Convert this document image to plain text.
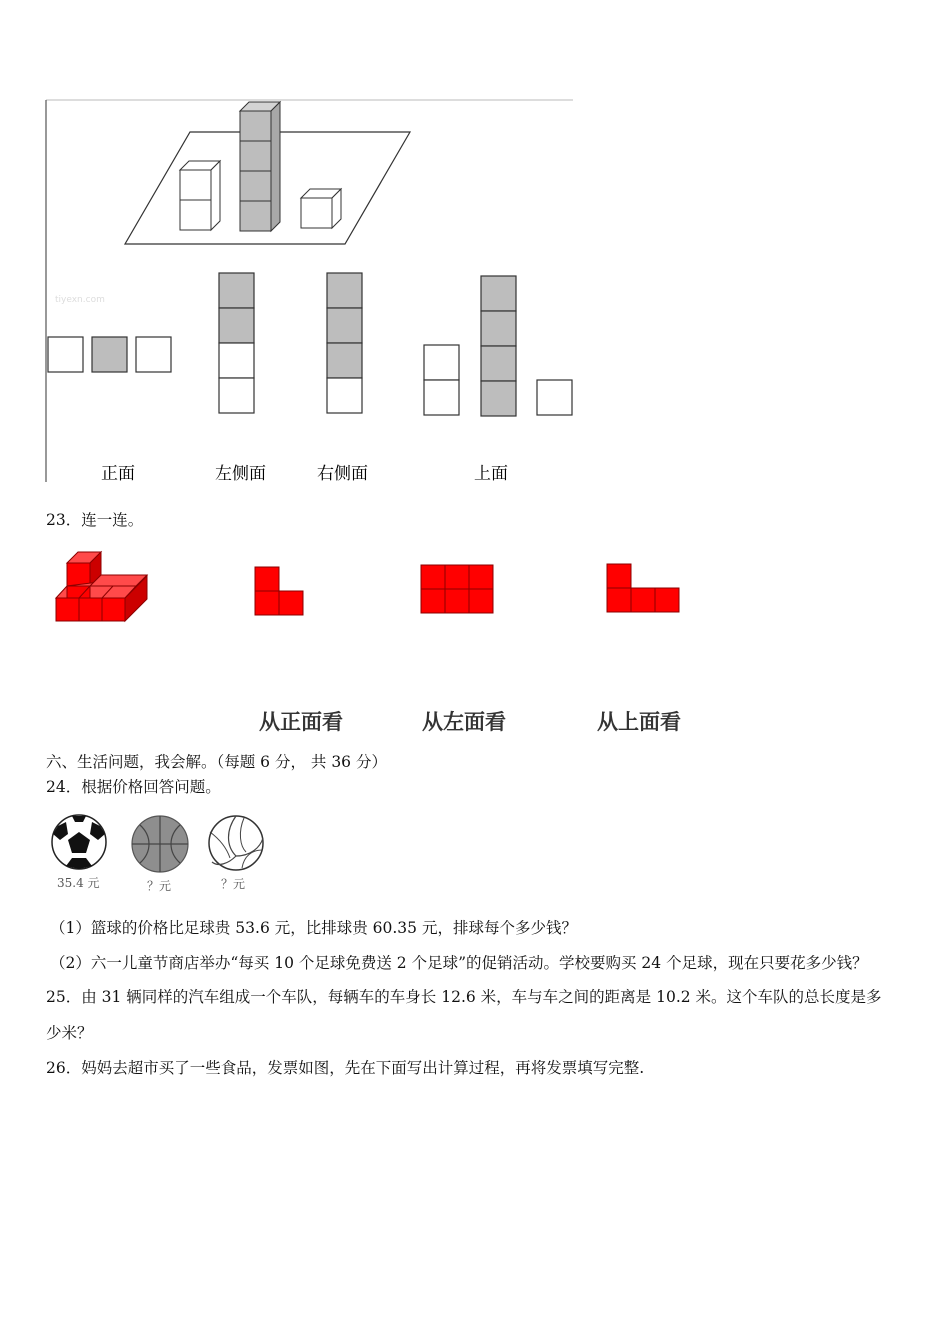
tiyexn.com
正面	左侧面	右侧面	上面
23．连一连。
从正面看	从左面看	从上面看
六、生活问题，我会解。（每题 6 分， 共 36 分）
24．根据价格回答问题。
35.4 元	？元	？元
（1）篮球的价格比足球贵 53.6 元，比排球贵 60.35 元，排球每个多少钱？
（2）六一儿童节商店举办“每买 10 个足球免费送 2 个足球”的促销活动。学校要购买 24 个足球，现在只要花多少钱？
25．由 31 辆同样的汽车组成一个车队，每辆车的车身长 12.6 米，车与车之间的距离是 10.2 米。这个车队的总长度是多
少米？
26．妈妈去超市买了一些食品，发票如图，先在下面写出计算过程，再将发票填写完整.
